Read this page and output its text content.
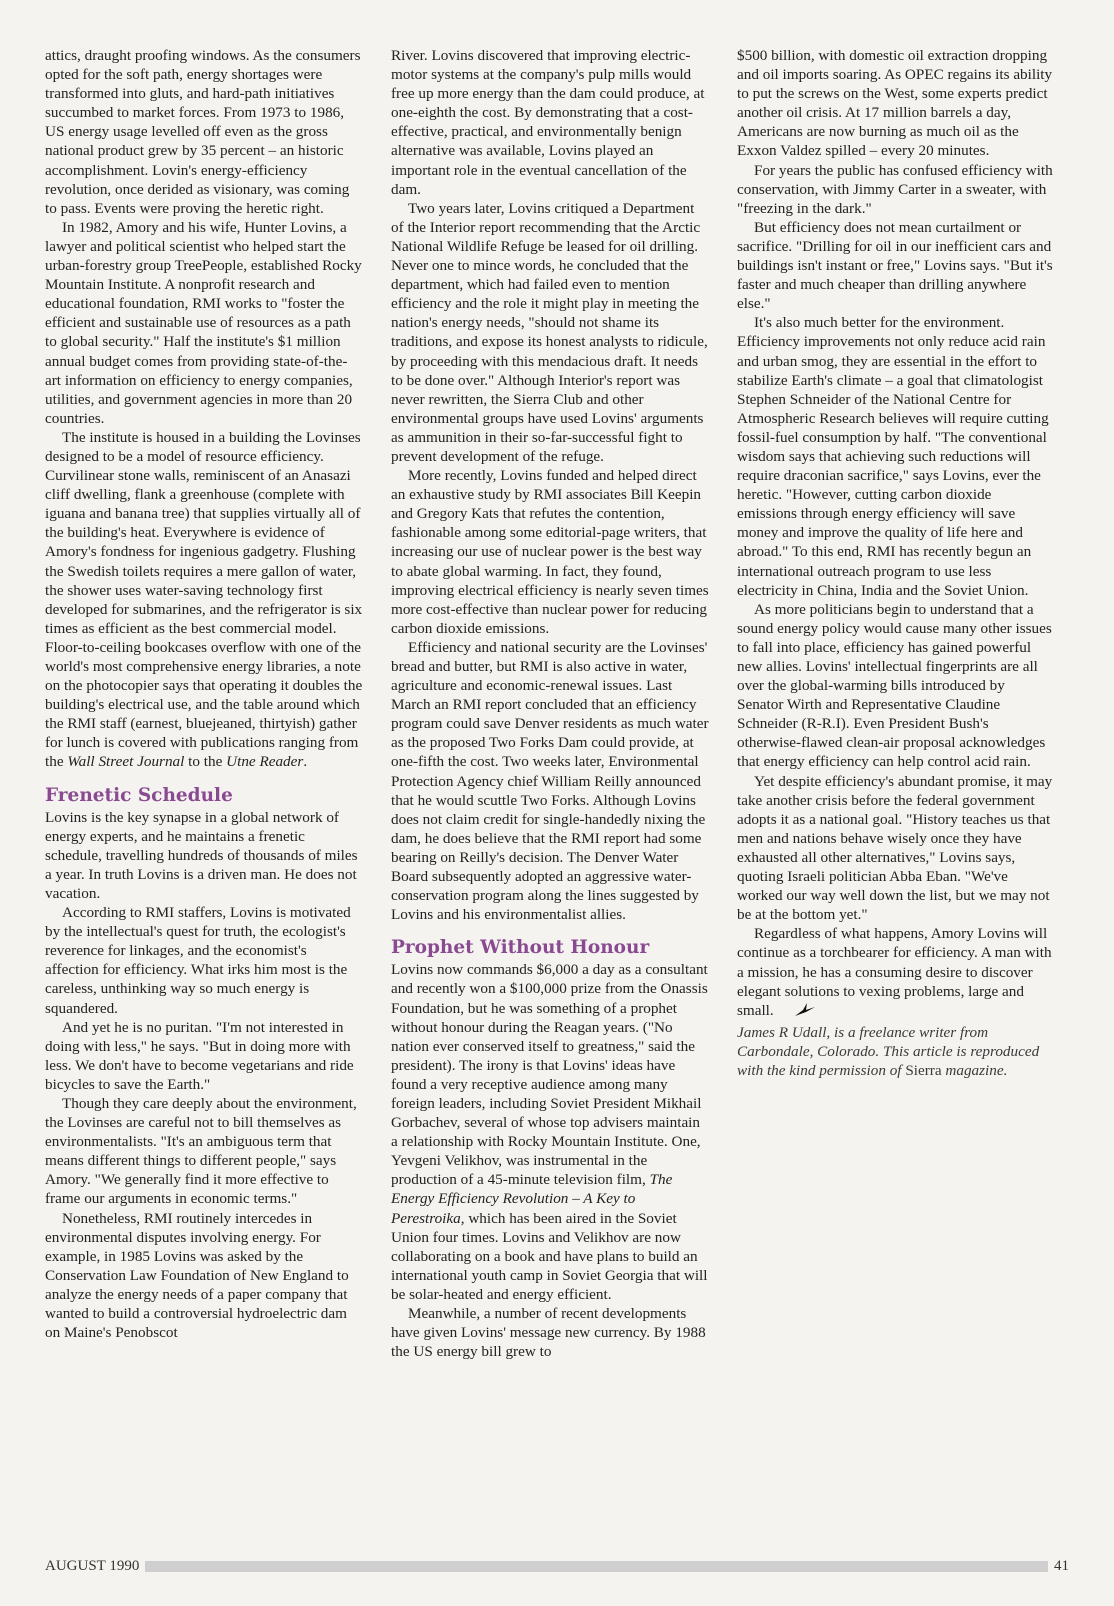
attics, draught proofing windows. As the consumers opted for the soft path, energy shortages were transformed into gluts, and hard-path initiatives succumbed to market forces. From 1973 to 1986, US energy usage levelled off even as the gross national product grew by 35 percent – an historic accomplishment. Lovin's energy-efficiency revolution, once derided as visionary, was coming to pass. Events were proving the heretic right.

In 1982, Amory and his wife, Hunter Lovins, a lawyer and political scientist who helped start the urban-forestry group TreePeople, established Rocky Mountain Institute. A nonprofit research and educational foundation, RMI works to "foster the efficient and sustainable use of resources as a path to global security." Half the institute's $1 million annual budget comes from providing state-of-the-art information on efficiency to energy companies, utilities, and government agencies in more than 20 countries.

The institute is housed in a building the Lovinses designed to be a model of resource efficiency. Curvilinear stone walls, reminiscent of an Anasazi cliff dwelling, flank a greenhouse (complete with iguana and banana tree) that supplies virtually all of the building's heat. Everywhere is evidence of Amory's fondness for ingenious gadgetry. Flushing the Swedish toilets requires a mere gallon of water, the shower uses water-saving technology first developed for submarines, and the refrigerator is six times as efficient as the best commercial model. Floor-to-ceiling bookcases overflow with one of the world's most comprehensive energy libraries, a note on the photocopier says that operating it doubles the building's electrical use, and the table around which the RMI staff (earnest, bluejeaned, thirtyish) gather for lunch is covered with publications ranging from the Wall Street Journal to the Utne Reader.

Frenetic Schedule

Lovins is the key synapse in a global network of energy experts, and he maintains a frenetic schedule, travelling hundreds of thousands of miles a year. In truth Lovins is a driven man. He does not vacation.

According to RMI staffers, Lovins is motivated by the intellectual's quest for truth, the ecologist's reverence for linkages, and the economist's affection for efficiency. What irks him most is the careless, unthinking way so much energy is squandered.

And yet he is no puritan. "I'm not interested in doing with less," he says. "But in doing more with less. We don't have to become vegetarians and ride bicycles to save the Earth."

Though they care deeply about the environment, the Lovinses are careful not to bill themselves as environmentalists. "It's an ambiguous term that means different things to different people," says Amory. "We generally find it more effective to frame our arguments in economic terms."

Nonetheless, RMI routinely intercedes in environmental disputes involving energy. For example, in 1985 Lovins was asked by the Conservation Law Foundation of New England to analyze the energy needs of a paper company that wanted to build a controversial hydroelectric dam on Maine's Penobscot

River. Lovins discovered that improving electric-motor systems at the company's pulp mills would free up more energy than the dam could produce, at one-eighth the cost. By demonstrating that a cost-effective, practical, and environmentally benign alternative was available, Lovins played an important role in the eventual cancellation of the dam.

Two years later, Lovins critiqued a Department of the Interior report recommending that the Arctic National Wildlife Refuge be leased for oil drilling. Never one to mince words, he concluded that the department, which had failed even to mention efficiency and the role it might play in meeting the nation's energy needs, "should not shame its traditions, and expose its honest analysts to ridicule, by proceeding with this mendacious draft. It needs to be done over." Although Interior's report was never rewritten, the Sierra Club and other environmental groups have used Lovins' arguments as ammunition in their so-far-successful fight to prevent development of the refuge.

More recently, Lovins funded and helped direct an exhaustive study by RMI associates Bill Keepin and Gregory Kats that refutes the contention, fashionable among some editorial-page writers, that increasing our use of nuclear power is the best way to abate global warming. In fact, they found, improving electrical efficiency is nearly seven times more cost-effective than nuclear power for reducing carbon dioxide emissions.

Efficiency and national security are the Lovinses' bread and butter, but RMI is also active in water, agriculture and economic-renewal issues. Last March an RMI report concluded that an efficiency program could save Denver residents as much water as the proposed Two Forks Dam could provide, at one-fifth the cost. Two weeks later, Environmental Protection Agency chief William Reilly announced that he would scuttle Two Forks. Although Lovins does not claim credit for single-handedly nixing the dam, he does believe that the RMI report had some bearing on Reilly's decision. The Denver Water Board subsequently adopted an aggressive water-conservation program along the lines suggested by Lovins and his environmentalist allies.

Prophet Without Honour

Lovins now commands $6,000 a day as a consultant and recently won a $100,000 prize from the Onassis Foundation, but he was something of a prophet without honour during the Reagan years. ("No nation ever conserved itself to greatness," said the president). The irony is that Lovins' ideas have found a very receptive audience among many foreign leaders, including Soviet President Mikhail Gorbachev, several of whose top advisers maintain a relationship with Rocky Mountain Institute. One, Yevgeni Velikhov, was instrumental in the production of a 45-minute television film, The Energy Efficiency Revolution – A Key to Perestroika, which has been aired in the Soviet Union four times. Lovins and Velikhov are now collaborating on a book and have plans to build an international youth camp in Soviet Georgia that will be solar-heated and energy efficient.

Meanwhile, a number of recent developments have given Lovins' message new currency. By 1988 the US energy bill grew to

$500 billion, with domestic oil extraction dropping and oil imports soaring. As OPEC regains its ability to put the screws on the West, some experts predict another oil crisis. At 17 million barrels a day, Americans are now burning as much oil as the Exxon Valdez spilled – every 20 minutes.

For years the public has confused efficiency with conservation, with Jimmy Carter in a sweater, with "freezing in the dark."

But efficiency does not mean curtailment or sacrifice. "Drilling for oil in our inefficient cars and buildings isn't instant or free," Lovins says. "But it's faster and much cheaper than drilling anywhere else."

It's also much better for the environment. Efficiency improvements not only reduce acid rain and urban smog, they are essential in the effort to stabilize Earth's climate – a goal that climatologist Stephen Schneider of the National Centre for Atmospheric Research believes will require cutting fossil-fuel consumption by half. "The conventional wisdom says that achieving such reductions will require draconian sacrifice," says Lovins, ever the heretic. "However, cutting carbon dioxide emissions through energy efficiency will save money and improve the quality of life here and abroad." To this end, RMI has recently begun an international outreach program to use less electricity in China, India and the Soviet Union.

As more politicians begin to understand that a sound energy policy would cause many other issues to fall into place, efficiency has gained powerful new allies. Lovins' intellectual fingerprints are all over the global-warming bills introduced by Senator Wirth and Representative Claudine Schneider (R-R.I). Even President Bush's otherwise-flawed clean-air proposal acknowledges that energy efficiency can help control acid rain.

Yet despite efficiency's abundant promise, it may take another crisis before the federal government adopts it as a national goal. "History teaches us that men and nations behave wisely once they have exhausted all other alternatives," Lovins says, quoting Israeli politician Abba Eban. "We've worked our way well down the list, but we may not be at the bottom yet."

Regardless of what happens, Amory Lovins will continue as a torchbearer for efficiency. A man with a mission, he has a consuming desire to discover elegant solutions to vexing problems, large and small.

James R Udall, is a freelance writer from Carbondale, Colorado. This article is reproduced with the kind permission of Sierra magazine.

AUGUST 1990	41
